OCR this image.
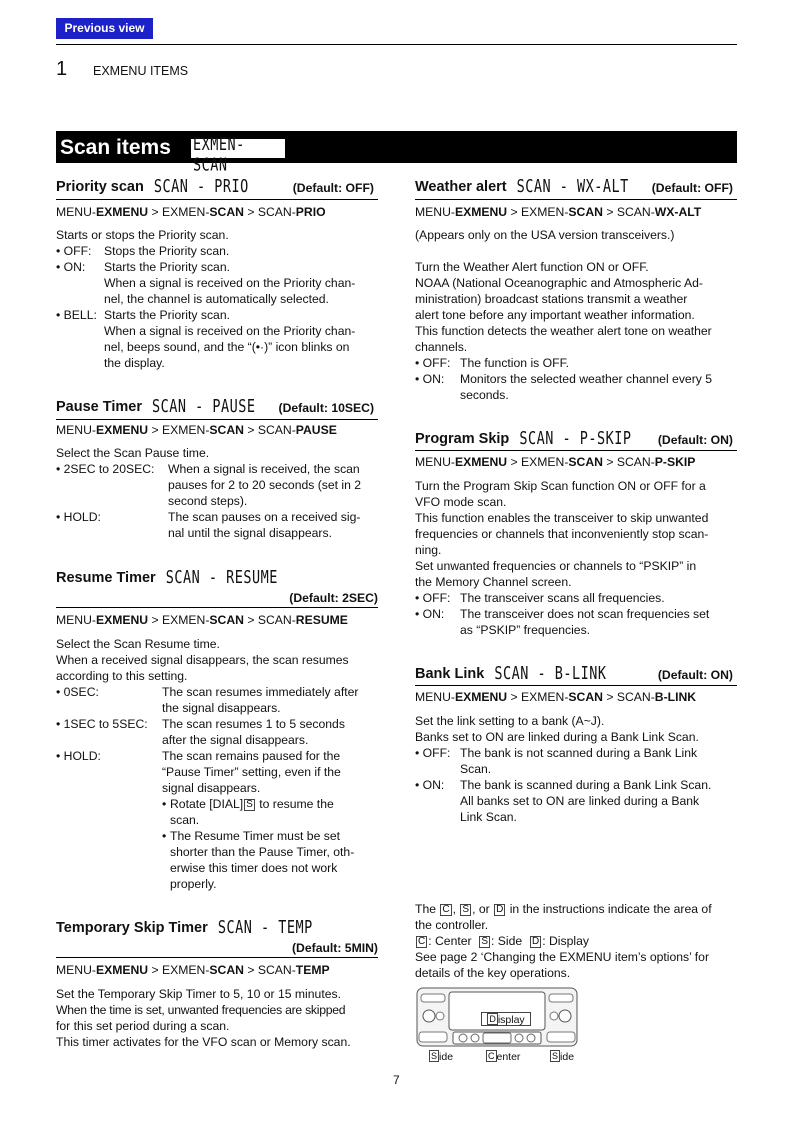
Previous view
1 EXMENU ITEMS
Scan items EXMEN- SCAN
Priority scan SCAN - PRIO	(Default: OFF)
MENU-EXMENU > EXMEN-SCAN > SCAN-PRIO
Starts or stops the Priority scan.
• OFF:	Stops the Priority scan.
• ON:	Starts the Priority scan.
When a signal is received on the Priority chan-
nel, the channel is automatically selected.
• BELL: Starts the Priority scan.
When a signal is received on the Priority chan-
nel, beeps sound, and the “(•·)” icon blinks on
the display.
Pause Timer SCAN - PAUSE (Default: 10SEC)
MENU-EXMENU > EXMEN-SCAN > SCAN-PAUSE
Select the Scan Pause time.
• 2SEC to 20SEC:	When a signal is received, the scan
pauses for 2 to 20 seconds (set in 2
second steps).
• HOLD:	The scan pauses on a received sig-
nal until the signal disappears.
Resume Timer SCAN - RESUME
(Default: 2SEC)
MENU-EXMENU > EXMEN-SCAN > SCAN-RESUME
Select the Scan Resume time.
When a received signal disappears, the scan resumes
according to this setting.
• 0SEC:	The scan resumes immediately after
the signal disappears.
• 1SEC to 5SEC:	The scan resumes 1 to 5 seconds
after the signal disappears.
• HOLD:	The scan remains paused for the
“Pause Timer” setting, even if the
signal disappears.
• Rotate [DIAL] S to resume the
scan.
• The Resume Timer must be set
shorter than the Pause Timer, oth-
erwise this timer does not work
properly.
Temporary Skip Timer SCAN - TEMP
(Default: 5MIN)
MENU-EXMENU > EXMEN-SCAN > SCAN-TEMP
Set the Temporary Skip Timer to 5, 10 or 15 minutes.
When the time is set, unwanted frequencies are skipped
for this set period during a scan.
This timer activates for the VFO scan or Memory scan.
Weather alert SCAN - WX-ALT (Default: OFF)
MENU-EXMENU > EXMEN-SCAN > SCAN-WX-ALT
(Appears only on the USA version transceivers.)
Turn the Weather Alert function ON or OFF.
NOAA (National Oceanographic and Atmospheric Ad-
ministration) broadcast stations transmit a weather
alert tone before any important weather information.
This function detects the weather alert tone on weather
channels.
• OFF: The function is OFF.
• ON:	Monitors the selected weather channel every 5
seconds.
Program Skip SCAN - P-SKIP (Default: ON)
MENU-EXMENU > EXMEN-SCAN > SCAN-P-SKIP
Turn the Program Skip Scan function ON or OFF for a
VFO mode scan.
This function enables the transceiver to skip unwanted
frequencies or channels that inconveniently stop scan-
ning.
Set unwanted frequencies or channels to “PSKIP” in
the Memory Channel screen.
• OFF: The transceiver scans all frequencies.
• ON:	The transceiver does not scan frequencies set
as “PSKIP” frequencies.
Bank Link SCAN - B-LINK	(Default: ON)
MENU-EXMENU > EXMEN-SCAN > SCAN-B-LINK
Set the link setting to a bank (A~J).
Banks set to ON are linked during a Bank Link Scan.
• OFF: The bank is not scanned during a Bank Link
Scan.
• ON:	The bank is scanned during a Bank Link Scan.
All banks set to ON are linked during a Bank
Link Scan.
The C , S , or D in the instructions indicate the area of
the controller.
C : Center  S : Side  D : Display
See page 2 ‘Changing the EXMENU item’s options’ for
details of the key operations.
D isplay
S ide	C enter	S ide
7
